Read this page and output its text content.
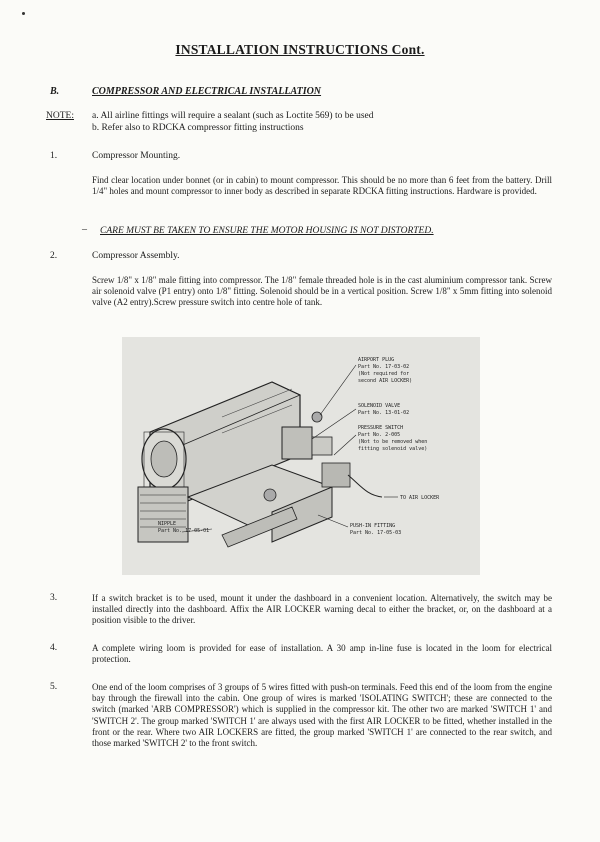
INSTALLATION INSTRUCTIONS Cont.
B.	COMPRESSOR AND ELECTRICAL INSTALLATION
NOTE: a. All airline fittings will require a sealant (such as Loctite 569) to be used
b. Refer also to RDCKA compressor fitting instructions
1.	Compressor Mounting.
Find clear location under bonnet (or in cabin) to mount compressor. This should be no more than 6 feet from the battery. Drill 1/4" holes and mount compressor to inner body as described in separate RDCKA fitting instructions. Hardware is provided.
– CARE MUST BE TAKEN TO ENSURE THE MOTOR HOUSING IS NOT DISTORTED.
2.	Compressor Assembly.
Screw 1/8" x 1/8" male fitting into compressor. The 1/8" female threaded hole is in the cast aluminium compressor tank. Screw air solenoid valve (P1 entry) onto 1/8" fitting. Solenoid should be in a vertical position. Screw 1/8" x 5mm fitting into solenoid valve (A2 entry).Screw pressure switch into centre hole of tank.
AIRPORT PLUG Part No. 17-03-02 (Not required for second AIR LOCKER)
SOLENOID VALVE Part No. 13-01-02
PRESSURE SWITCH Part No. 2-005 (Not to be removed when fitting solenoid valve)
TO AIR LOCKER
NIPPLE Part No. 17-05-01
PUSH-IN FITTING Part No. 17-05-03
3.	If a switch bracket is to be used, mount it under the dashboard in a convenient location. Alternatively, the switch may be installed directly into the dashboard. Affix the AIR LOCKER warning decal to either the bracket, or, on the dashboard at a position visible to the driver.
4.	A complete wiring loom is provided for ease of installation. A 30 amp in-line fuse is located in the loom for electrical protection.
5.	One end of the loom comprises of 3 groups of 5 wires fitted with push-on terminals. Feed this end of the loom from the engine bay through the firewall into the cabin. One group of wires is marked 'ISOLATING SWITCH'; these are connected to the switch (marked 'ARB COMPRESSOR') which is supplied in the compressor kit. The other two are marked 'SWITCH 1' and 'SWITCH 2'. The group marked 'SWITCH 1' are always used with the first AIR LOCKER to be fitted, whether installed in the front or the rear. Where two AIR LOCKERS are fitted, the group marked 'SWITCH 1' are connected to the rear switch, and those marked 'SWITCH 2' to the front switch.
